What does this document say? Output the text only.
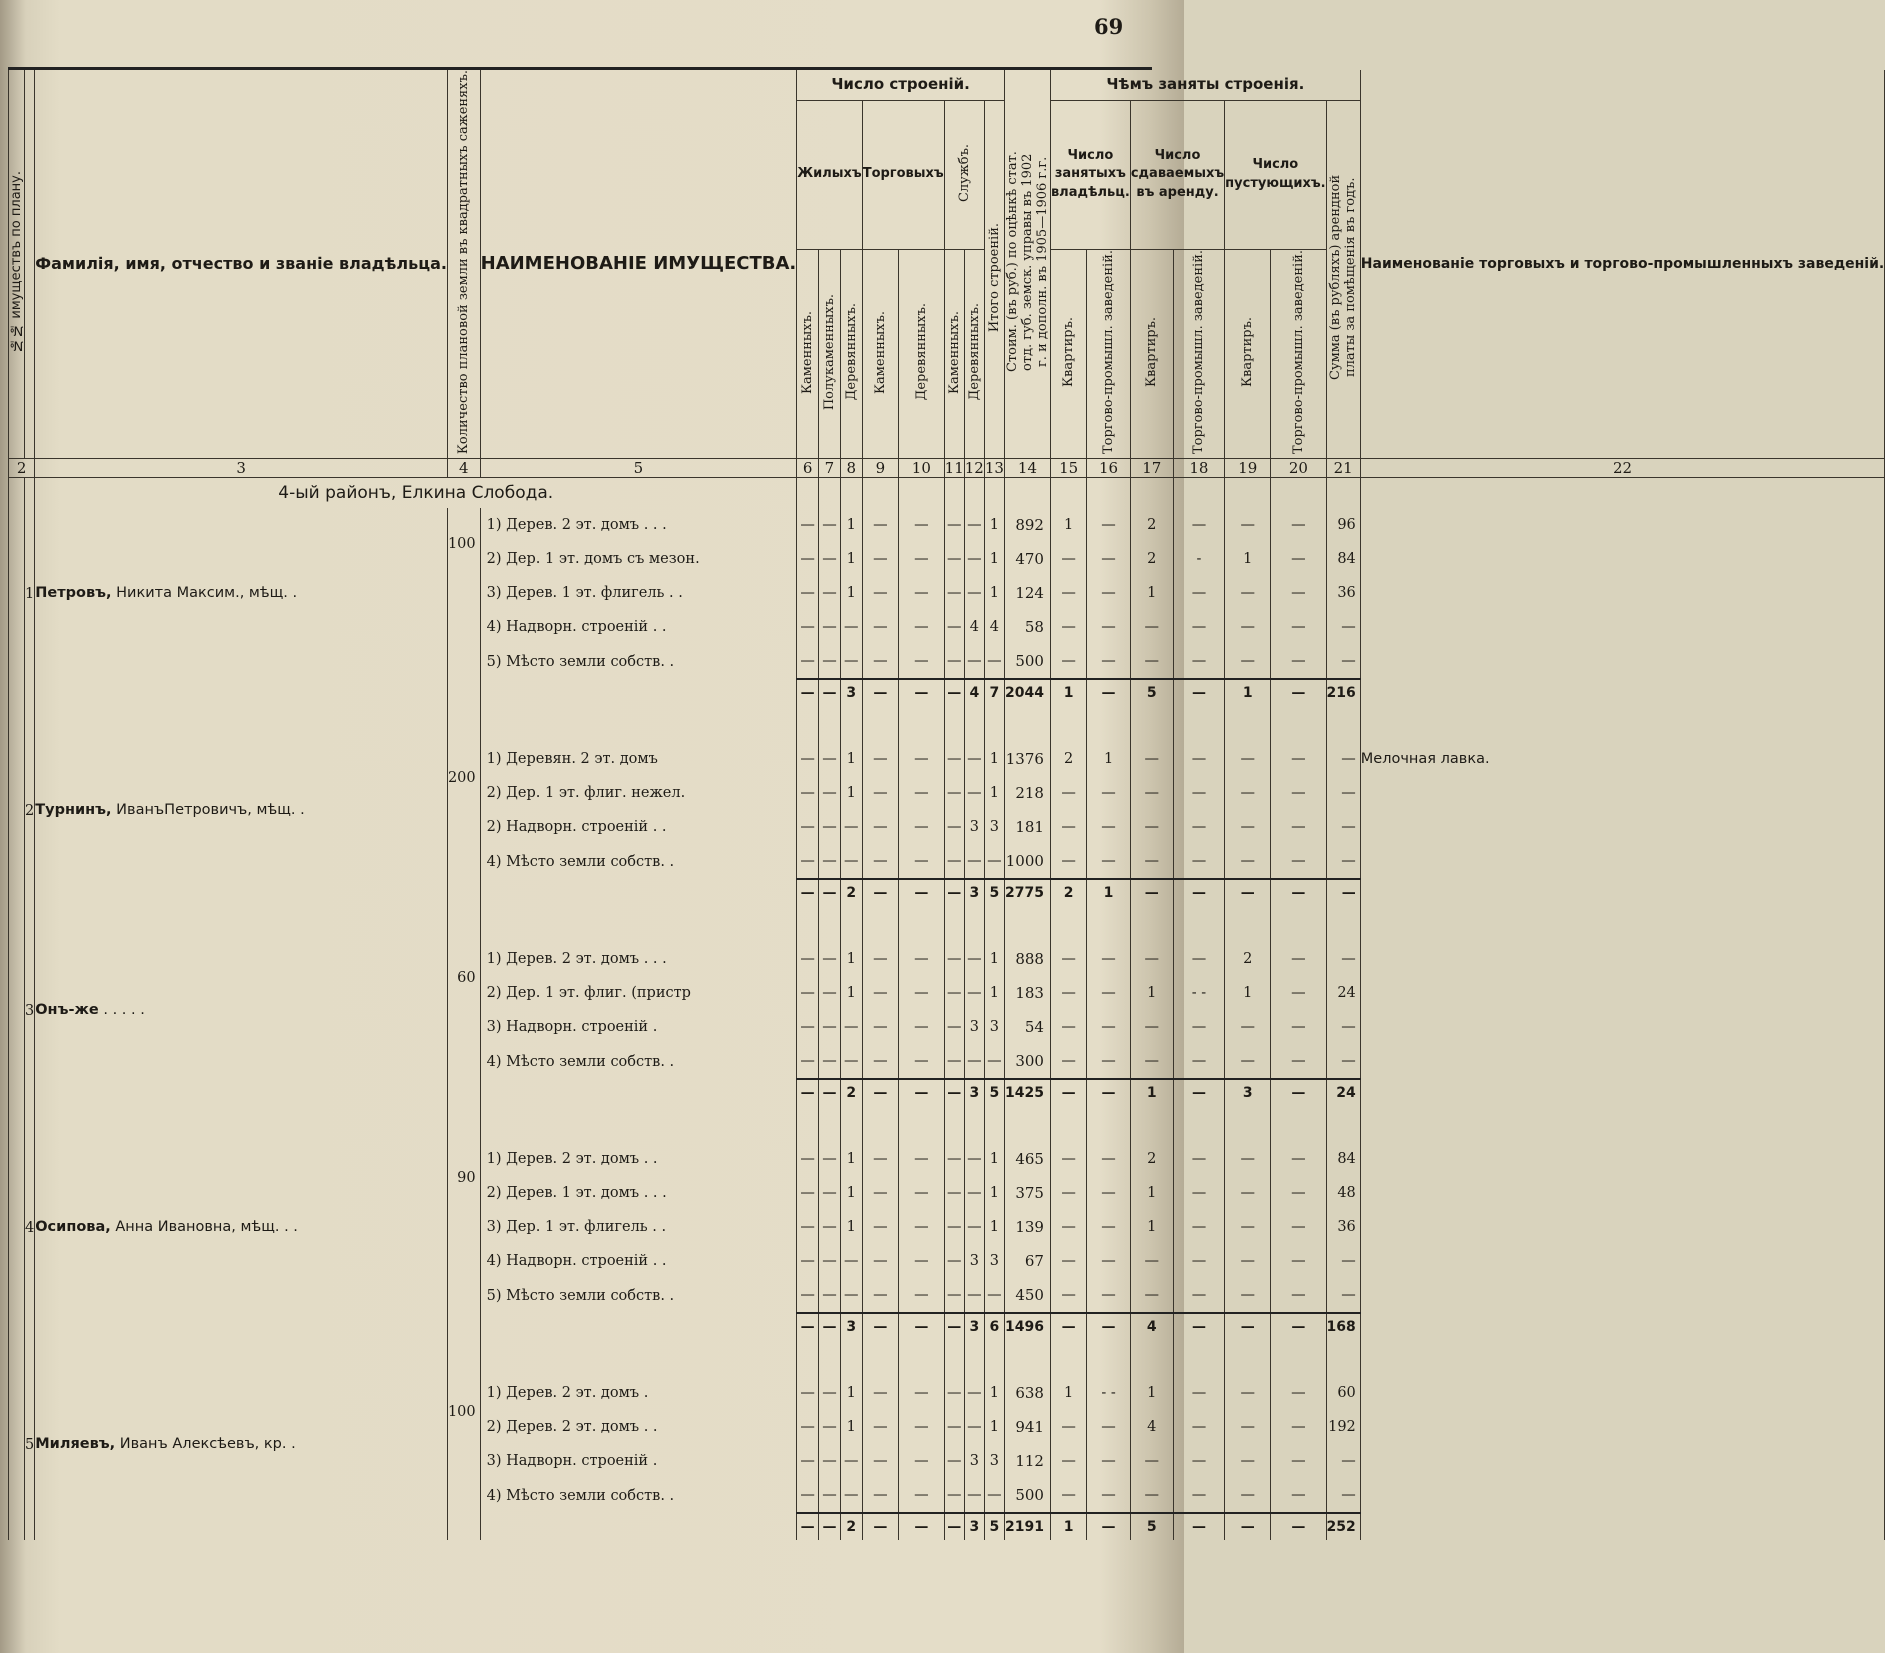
69
№№ имуществъ по плану.		Фамилія, имя, отчество и званіе владѣльца.	Количество плановой земли въ квадратныхъ саженяхъ.	НАИМЕНОВАНІЕ ИМУЩЕСТВА.	Число строеній.								Стоим. (въ руб.) по оцѣнкѣ стат. отд. губ. земск. управы въ 1902 г. и дополн. въ 1905—1906 г.г.	Чѣмъ заняты строенія.							Наименованіе торговыхъ и торгово-промышленныхъ заведеній.
					Жилыхъ			Торговыхъ		Службъ.		Итого строеній.		Число занятыхъ владѣльц.		Число сдаваемыхъ въ аренду.		Число пустующихъ.		Сумма (въ рубляхъ) арендной платы за помѣщенія въ годъ.	
					Каменныхъ.	Полукаменныхъ.	Деревянныхъ.	Каменныхъ.	Деревянныхъ.	Каменныхъ.	Деревянныхъ.			Квартиръ.	Торгово-промышл. заведеній.	Квартиръ.	Торгово-промышл. заведеній.	Квартиръ.	Торгово-промышл. заведеній.		
2		3	4	5	6	7	8	9	10	11	12	13	14	15	16	17	18	19	20	21	22
		4-ый районъ, Елкина Слобода.																			
	1	Петровъ, Никита Максим., мѣщ. .	100	1) Дерев. 2 эт. домъ . . .	—	—	1	—	—	—	—	1	892	1	—	2	—	—	—	96	
				2) Дер. 1 эт. домъ съ мезон.	—	—	1	—	—	—	—	1	470	—	—	2	-	1	—	84	
				3) Дерев. 1 эт. флигель . .	—	—	1	—	—	—	—	1	124	—	—	1	—	—	—	36	
				4) Надворн. строеній . .	—	—	—	—	—	—	4	4	58	—	—	—	—	—	—	—	
				5) Мѣсто земли собств. .	—	—	—	—	—	—	—	—	500	—	—	—	—	—	—	—	
					—	—	3	—	—	—	4	7	2044	1	—	5	—	1	—	216	

	2	Турнинъ, ИванъПетровичъ, мѣщ. .	200	1) Деревян. 2 эт. домъ	—	—	1	—	—	—	—	1	1376	2	1	—	—	—	—	—	Мелочная лавка.
				2) Дер. 1 эт. флиг. нежел.	—	—	1	—	—	—	—	1	218	—	—	—	—	—	—	—	
				2) Надворн. строеній . .	—	—	—	—	—	—	3	3	181	—	—	—	—	—	—	—	
				4) Мѣсто земли собств. .	—	—	—	—	—	—	—	—	1000	—	—	—	—	—	—	—	
					—	—	2	—	—	—	3	5	2775	2	1	—	—	—	—	—	

	3	Онъ-же . . . . .	60	1) Дерев. 2 эт. домъ . . .	—	—	1	—	—	—	—	1	888	—	—	—	—	2	—	—	
				2) Дер. 1 эт. флиг. (пристр	—	—	1	—	—	—	—	1	183	—	—	1	- -	1	—	24	
				3) Надворн. строеній .	—	—	—	—	—	—	3	3	54	—	—	—	—	—	—	—	
				4) Мѣсто земли собств. .	—	—	—	—	—	—	—	—	300	—	—	—	—	—	—	—	
					—	—	2	—	—	—	3	5	1425	—	—	1	—	3	—	24	

	4	Осипова, Анна Ивановна, мѣщ. . .	90	1) Дерев. 2 эт. домъ . .	—	—	1	—	—	—	—	1	465	—	—	2	—	—	—	84	
				2) Дерев. 1 эт. домъ . . .	—	—	1	—	—	—	—	1	375	—	—	1	—	—	—	48	
				3) Дер. 1 эт. флигель . .	—	—	1	—	—	—	—	1	139	—	—	1	—	—	—	36	
				4) Надворн. строеній . .	—	—	—	—	—	—	3	3	67	—	—	—	—	—	—	—	
				5) Мѣсто земли собств. .	—	—	—	—	—	—	—	—	450	—	—	—	—	—	—	—	
					—	—	3	—	—	—	3	6	1496	—	—	4	—	—	—	168	

	5	Миляевъ, Иванъ Алексѣевъ, кр. .	100	1) Дерев. 2 эт. домъ .	—	—	1	—	—	—	—	1	638	1	- -	1	—	—	—	60	
				2) Дерев. 2 эт. домъ . .	—	—	1	—	—	—	—	1	941	—	—	4	—	—	—	192	
				3) Надворн. строеній .	—	—	—	—	—	—	3	3	112	—	—	—	—	—	—	—	
				4) Мѣсто земли собств. .	—	—	—	—	—	—	—	—	500	—	—	—	—	—	—	—	
					—	—	2	—	—	—	3	5	2191	1	—	5	—	—	—	252	
